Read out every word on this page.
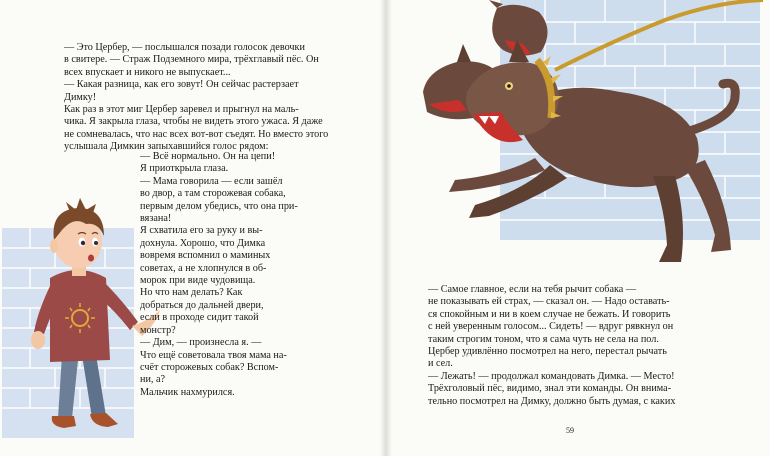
— Это Цербер, — послышался позади голосок девочки

в свитере. — Страж Подземного мира, трёхглавый пёс. Он

всех впускает и никого не выпускает...

— Какая разница, как его зовут! Он сейчас растерзает

Димку!

Как раз в этот миг Цербер заревел и прыгнул на маль-

чика. Я закрыла глаза, чтобы не видеть этого ужаса. Я даже

не сомневалась, что нас всех вот-вот съедят. Но вместо этого

услышала Димкин запыхавшийся голос рядом:

— Всё нормально. Он на цепи!

Я приоткрыла глаза.

— Мама говорила — если зашёл

во двор, а там сторожевая собака,

первым делом убедись, что она при-

вязана!

Я схватила его за руку и вы-

дохнула. Хорошо, что Димка

вовремя вспомнил о маминых

советах, а не хлопнулся в об-

морок при виде чудовища.

Но что нам делать? Как

добраться до дальней двери,

если в проходе сидит такой

монстр?

— Дим, — произнесла я. —

Что ещё советовала твоя мама на-

счёт сторожевых собак? Вспом-

ни, а?

Мальчик нахмурился.

— Самое главное, если на тебя рычит собака —

не показывать ей страх, — сказал он. — Надо оставать-

ся спокойным и ни в коем случае не бежать. И говорить

с ней уверенным голосом... Сидеть! — вдруг рявкнул он

таким строгим тоном, что я сама чуть не села на пол.

Цербер удивлённо посмотрел на него, перестал рычать

и сел.

— Лежать! — продолжал командовать Димка. — Место!

Трёхголовый пёс, видимо, знал эти команды. Он внима-

тельно посмотрел на Димку, должно быть думая, с каких

59
